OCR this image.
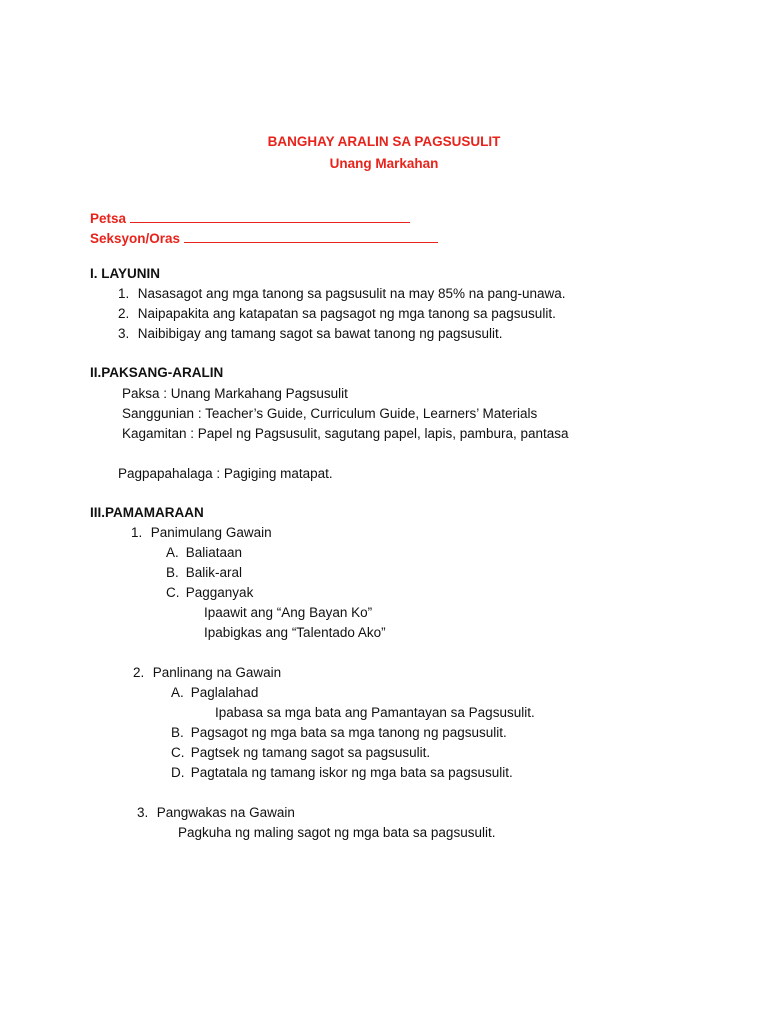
BANGHAY ARALIN SA PAGSUSULIT
Unang Markahan
Petsa
Seksyon/Oras
I. LAYUNIN
1. Nasasagot ang mga tanong sa pagsusulit na may 85% na pang-unawa.
2. Naipapakita ang katapatan sa pagsagot ng mga tanong sa pagsusulit.
3. Naibibigay ang tamang sagot sa bawat tanong ng pagsusulit.
II.PAKSANG-ARALIN
Paksa : Unang Markahang Pagsusulit
Sanggunian : Teacher’s Guide, Curriculum Guide, Learners’ Materials
Kagamitan : Papel ng Pagsusulit, sagutang papel, lapis, pambura, pantasa
Pagpapahalaga : Pagiging matapat.
III.PAMAMARAAN
1. Panimulang Gawain
A. Baliataan
B. Balik-aral
C. Pagganyak
Ipaawit ang “Ang Bayan Ko”
Ipabigkas ang “Talentado Ako”
2. Panlinang na Gawain
A. Paglalahad
Ipabasa sa mga bata ang Pamantayan sa Pagsusulit.
B. Pagsagot ng mga bata sa mga tanong ng pagsusulit.
C. Pagtsek ng tamang sagot sa pagsusulit.
D. Pagtatala ng tamang iskor ng mga bata sa pagsusulit.
3. Pangwakas na Gawain
Pagkuha ng maling sagot ng mga bata sa pagsusulit.
